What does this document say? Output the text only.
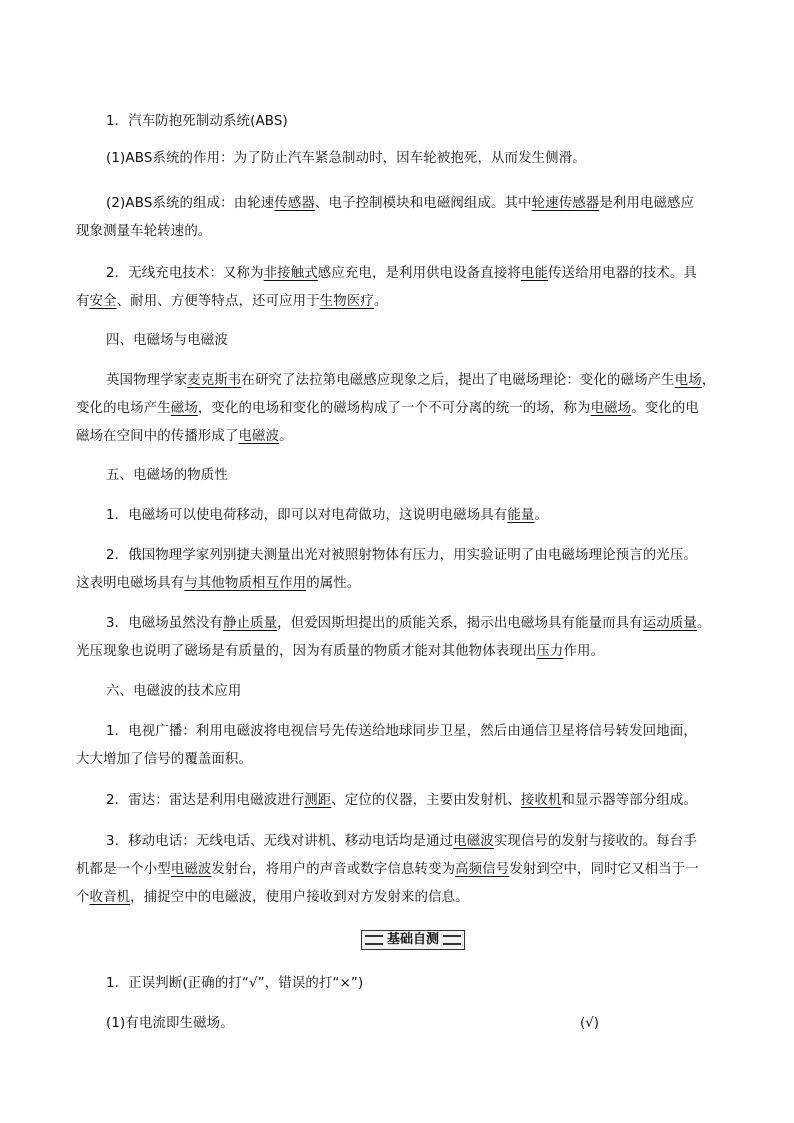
1．汽车防抱死制动系统(ABS)
(1)ABS系统的作用：为了防止汽车紧急制动时，因车轮被抱死，从而发生侧滑。
(2)ABS系统的组成：由轮速传感器、电子控制模块和电磁阀组成。其中轮速传感器是利用电磁感应
现象测量车轮转速的。
2．无线充电技术：又称为非接触式感应充电，是利用供电设备直接将电能传送给用电器的技术。具
有安全、耐用、方便等特点，还可应用于生物医疗。
四、电磁场与电磁波
英国物理学家麦克斯韦在研究了法拉第电磁感应现象之后，提出了电磁场理论：变化的磁场产生电场，
变化的电场产生磁场，变化的电场和变化的磁场构成了一个不可分离的统一的场，称为电磁场。变化的电
磁场在空间中的传播形成了电磁波。
五、电磁场的物质性
1．电磁场可以使电荷移动，即可以对电荷做功，这说明电磁场具有能量。
2．俄国物理学家列别捷夫测量出光对被照射物体有压力，用实验证明了由电磁场理论预言的光压。
这表明电磁场具有与其他物质相互作用的属性。
3．电磁场虽然没有静止质量，但爱因斯坦提出的质能关系，揭示出电磁场具有能量而具有运动质量。
光压现象也说明了磁场是有质量的，因为有质量的物质才能对其他物体表现出压力作用。
六、电磁波的技术应用
1．电视广播：利用电磁波将电视信号先传送给地球同步卫星，然后由通信卫星将信号转发回地面，
大大增加了信号的覆盖面积。
2．雷达：雷达是利用电磁波进行测距、定位的仪器，主要由发射机、接收机和显示器等部分组成。
3．移动电话：无线电话、无线对讲机、移动电话均是通过电磁波实现信号的发射与接收的。每台手
机都是一个小型电磁波发射台，将用户的声音或数字信息转变为高频信号发射到空中，同时它又相当于一
个收音机，捕捉空中的电磁波，使用户接收到对方发射来的信息。
1．正误判断(正确的打“√”，错误的打“×”)
(1)有电流即生磁场。
基础自测
(√)
